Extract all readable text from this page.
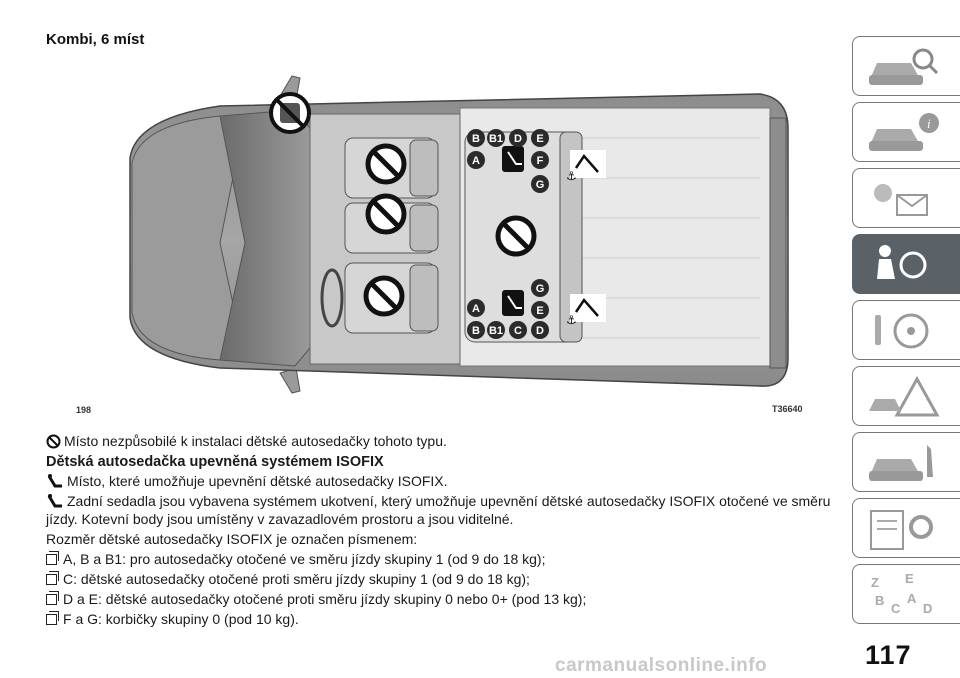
Kombi, 6 míst
⚓
⚓
B B1 D E
A	F
G
G
A	E
B B1 C D
198	T36640

Místo nezpůsobilé k instalaci dětské autosedačky tohoto typu.

Dětská autosedačka upevněná systémem ISOFIX

Místo, které umožňuje upevnění dětské autosedačky ISOFIX.

Zadní sedadla jsou vybavena systémem ukotvení, který umožňuje upevnění dětské autosedačky ISOFIX otočené ve směru jízdy. Kotevní body jsou umístěny v zavazadlovém prostoru a jsou viditelné.

Rozměr dětské autosedačky ISOFIX je označen písmenem:

A, B a B1: pro autosedačky otočené ve směru jízdy skupiny 1 (od 9 do 18 kg);

C: dětské autosedačky otočené proti směru jízdy skupiny 1 (od 9 do 18 kg);

D a E: dětské autosedačky otočené proti směru jízdy skupiny 0 nebo 0+ (pod 13 kg);

F a G: korbičky skupiny 0 (pod 10 kg).

117
carmanualsonline.info
i
Z E
B A
C D
